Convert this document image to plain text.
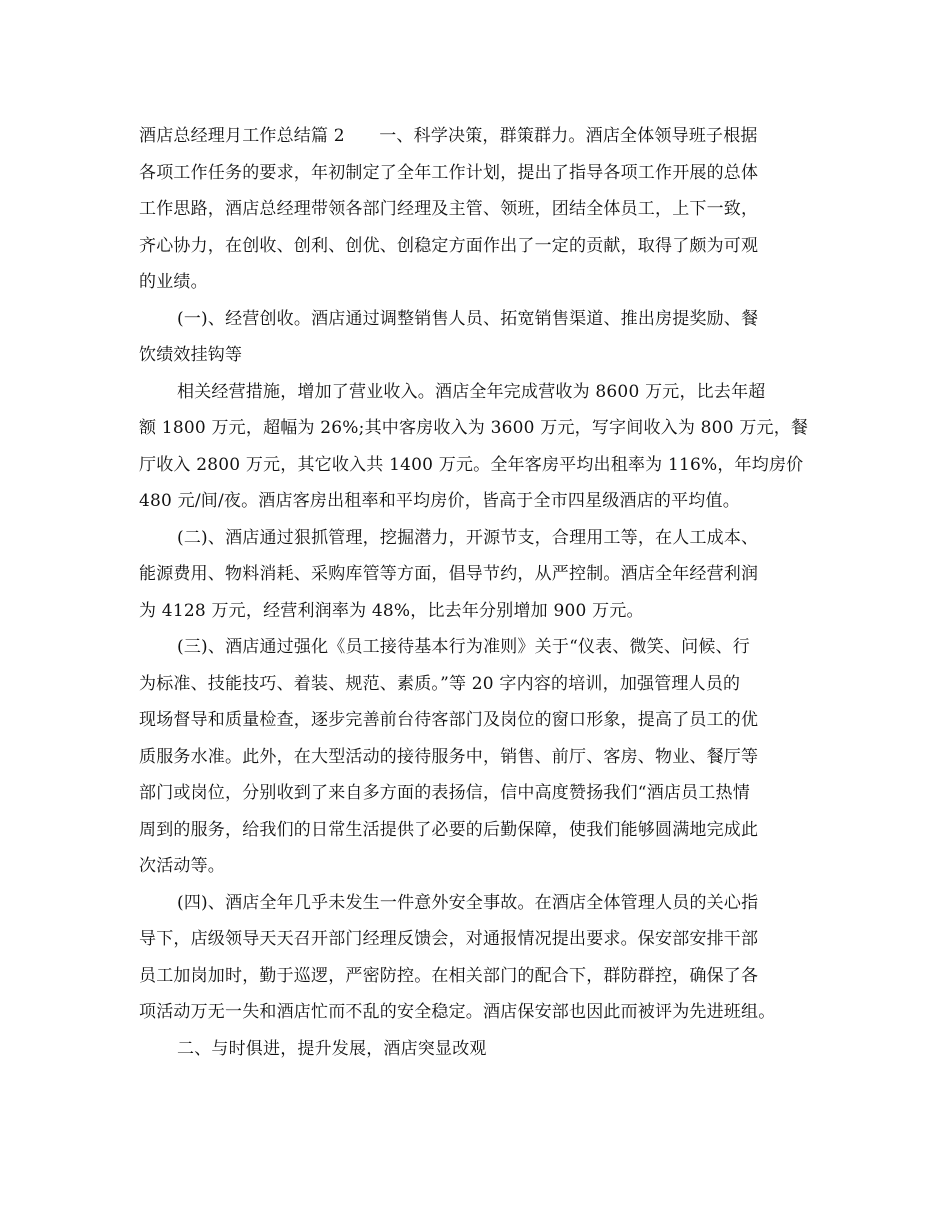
酒店总经理月工作总结篇 2　　一、科学决策，群策群力。酒店全体领导班子根据
各项工作任务的要求，年初制定了全年工作计划，提出了指导各项工作开展的总体
工作思路，酒店总经理带领各部门经理及主管、领班，团结全体员工，上下一致，
齐心协力，在创收、创利、创优、创稳定方面作出了一定的贡献，取得了颇为可观
的业绩。

(一)、经营创收。酒店通过调整销售人员、拓宽销售渠道、推出房提奖励、餐
饮绩效挂钩等

相关经营措施，增加了营业收入。酒店全年完成营收为 8600 万元，比去年超
额 1800 万元，超幅为 26%;其中客房收入为 3600 万元，写字间收入为 800 万元，餐
厅收入 2800 万元，其它收入共 1400 万元。全年客房平均出租率为 116%，年均房价
480 元/间/夜。酒店客房出租率和平均房价，皆高于全市四星级酒店的平均值。

(二)、酒店通过狠抓管理，挖掘潜力，开源节支，合理用工等，在人工成本、
能源费用、物料消耗、采购库管等方面，倡导节约，从严控制。酒店全年经营利润
为 4128 万元，经营利润率为 48%，比去年分别增加 900 万元。

(三)、酒店通过强化《员工接待基本行为准则》关于“仪表、微笑、问候、行
为标准、技能技巧、着装、规范、素质。”等 20 字内容的培训，加强管理人员的
现场督导和质量检查，逐步完善前台待客部门及岗位的窗口形象，提高了员工的优
质服务水准。此外，在大型活动的接待服务中，销售、前厅、客房、物业、餐厅等
部门或岗位，分别收到了来自多方面的表扬信，信中高度赞扬我们“酒店员工热情
周到的服务，给我们的日常生活提供了必要的后勤保障，使我们能够圆满地完成此
次活动等。

(四)、酒店全年几乎未发生一件意外安全事故。在酒店全体管理人员的关心指
导下，店级领导天天召开部门经理反馈会，对通报情况提出要求。保安部安排干部
员工加岗加时，勤于巡逻，严密防控。在相关部门的配合下，群防群控，确保了各
项活动万无一失和酒店忙而不乱的安全稳定。酒店保安部也因此而被评为先进班组。

二、与时俱进，提升发展，酒店突显改观
